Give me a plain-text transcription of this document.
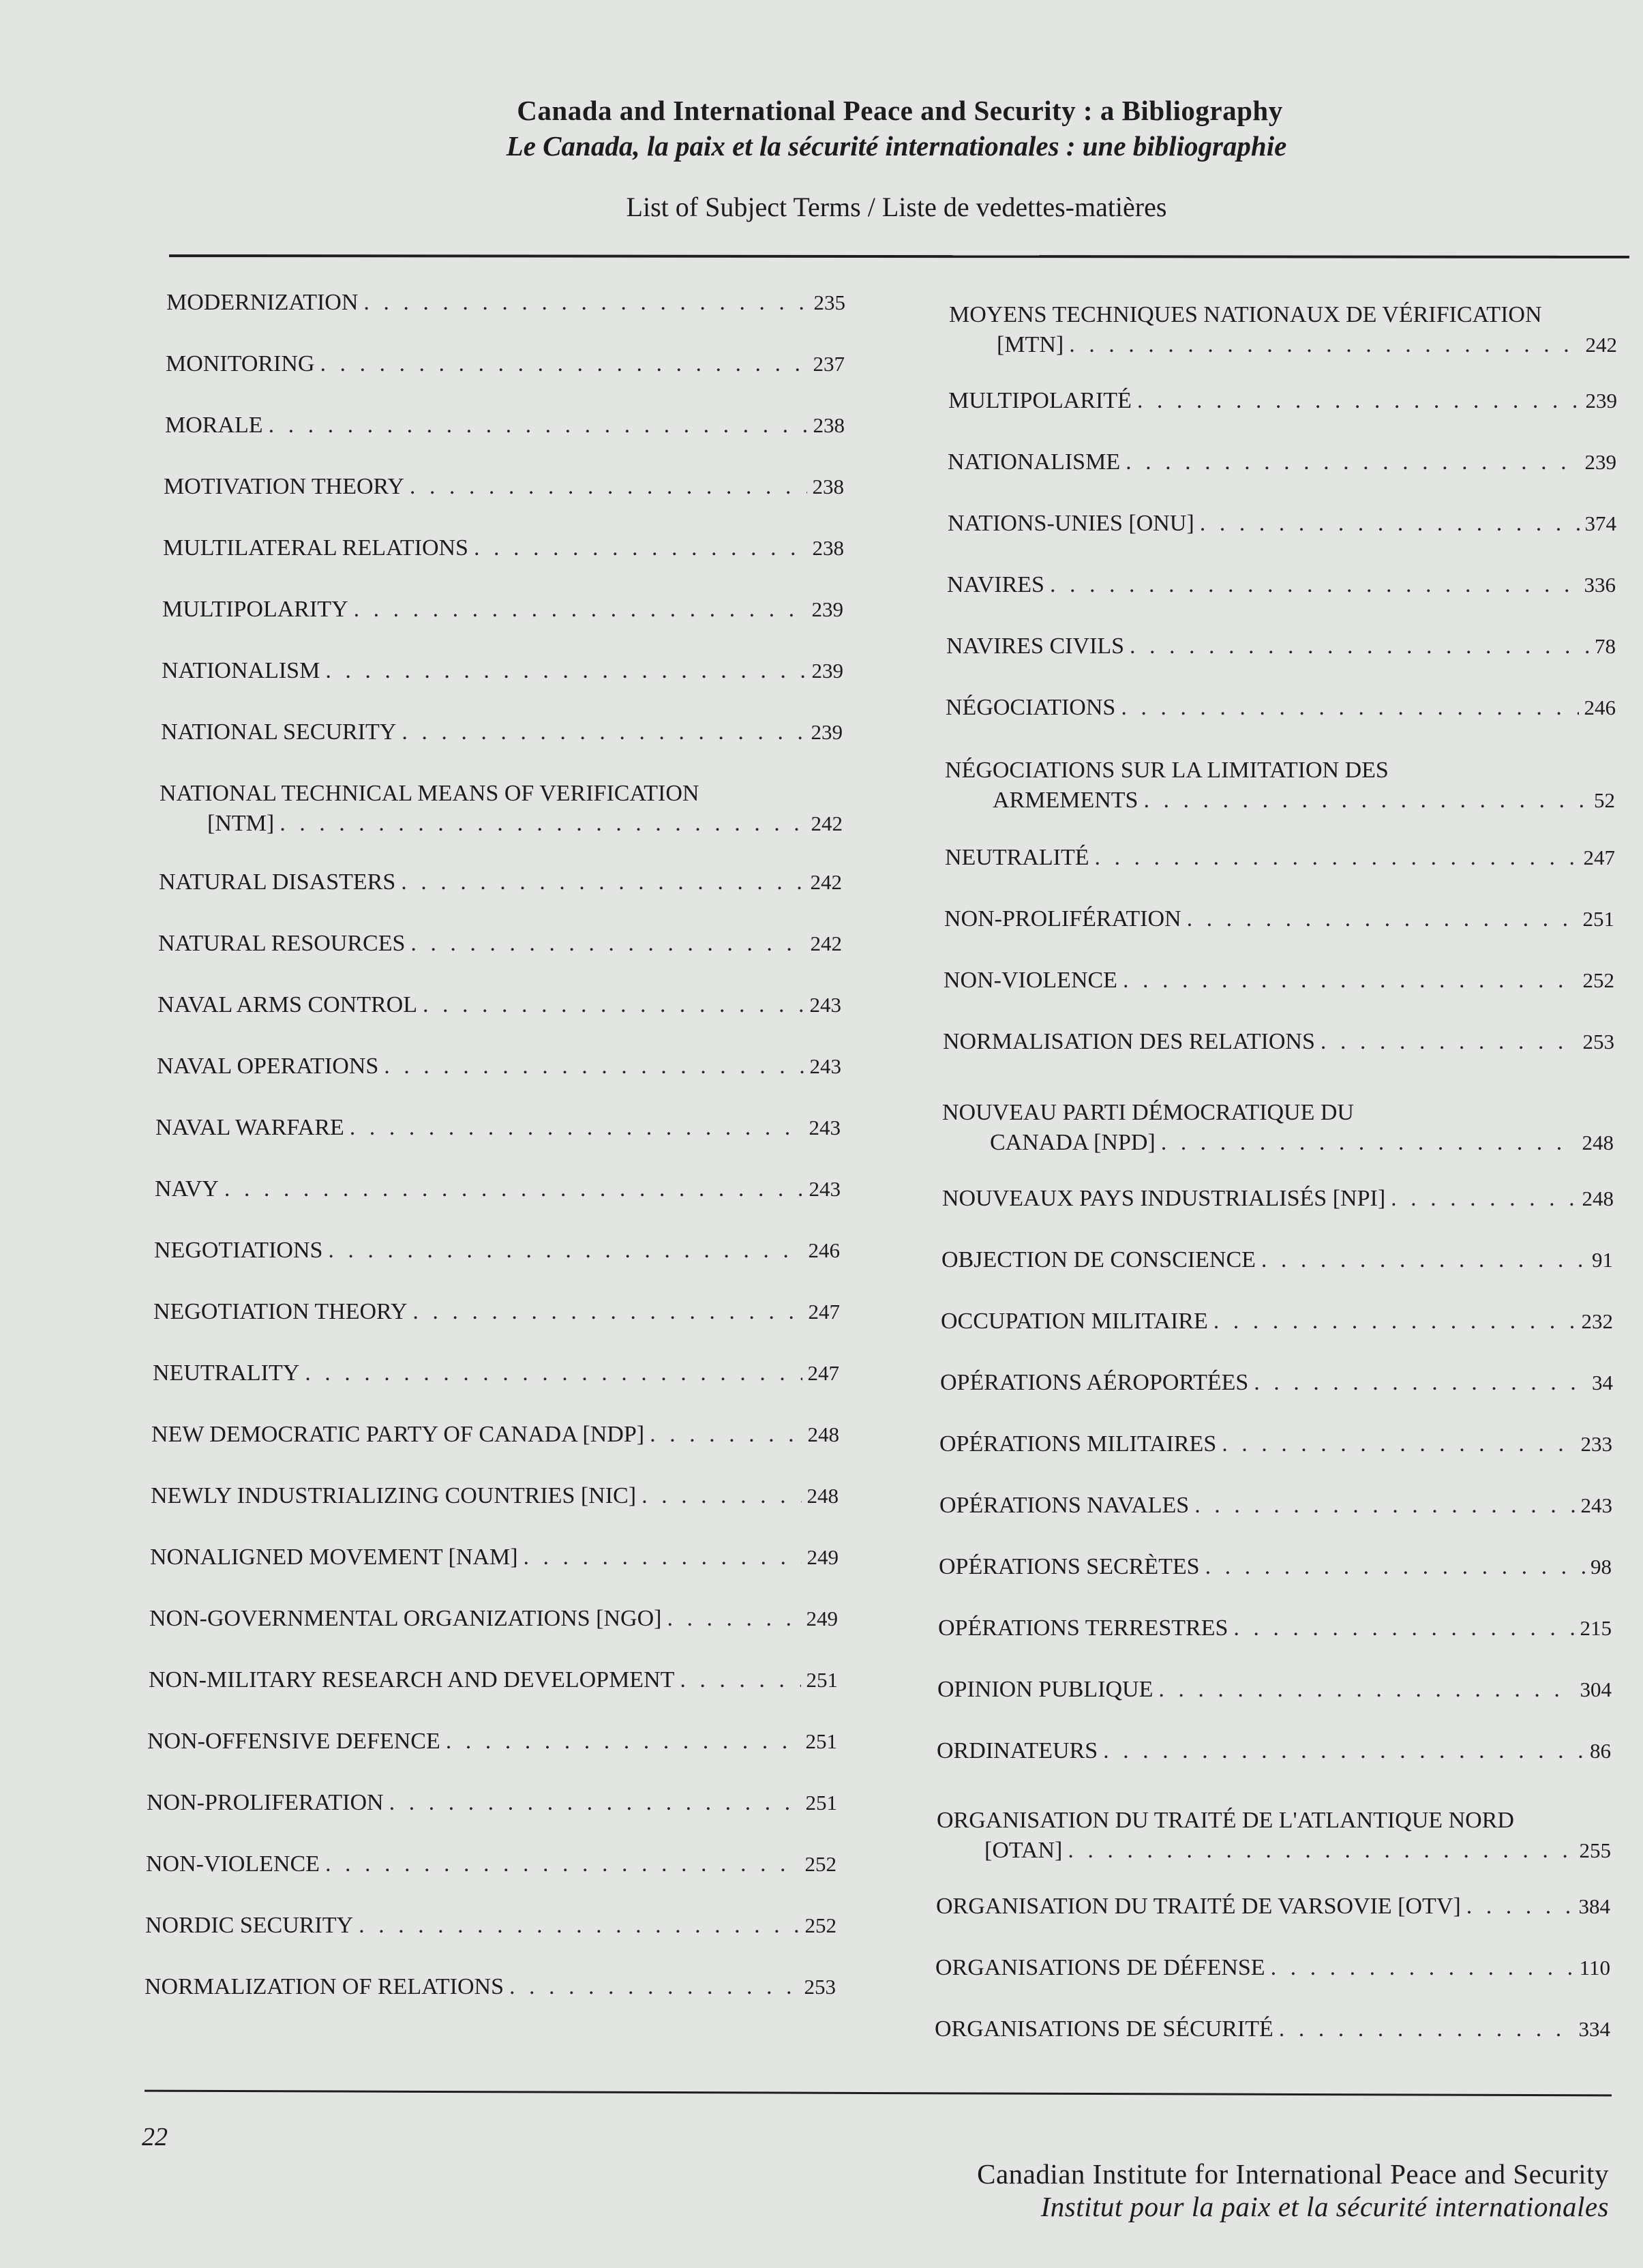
Canada and International Peace and Security : a Bibliography
Le Canada, la paix et la sécurité internationales : une bibliographie
List of Subject Terms / Liste de vedettes-matières
MODERNIZATION . . .	235
MONITORING . . .	237
MORALE . . .	238
MOTIVATION THEORY . . .	238
MULTILATERAL RELATIONS . . .	238
MULTIPOLARITY . . .	239
NATIONALISM . . .	239
NATIONAL SECURITY . . .	239
NATIONAL TECHNICAL MEANS OF VERIFICATION
[NTM] . . .	242
NATURAL DISASTERS . . .	242
NATURAL RESOURCES . . .	242
NAVAL ARMS CONTROL . . .	243
NAVAL OPERATIONS . . .	243
NAVAL WARFARE . . .	243
NAVY . . .	243
NEGOTIATIONS . . .	246
NEGOTIATION THEORY . . .	247
NEUTRALITY . . .	247
NEW DEMOCRATIC PARTY OF CANADA [NDP] . . .	248
NEWLY INDUSTRIALIZING COUNTRIES [NIC] . . .	248
NONALIGNED MOVEMENT [NAM] . . .	249
NON-GOVERNMENTAL ORGANIZATIONS [NGO] . . .	249
NON-MILITARY RESEARCH AND DEVELOPMENT . . .	251
NON-OFFENSIVE DEFENCE . . .	251
NON-PROLIFERATION . . .	251
NON-VIOLENCE . . .	252
NORDIC SECURITY . . .	252
NORMALIZATION OF RELATIONS . . .	253
MOYENS TECHNIQUES NATIONAUX DE VÉRIFICATION
[MTN] . . .	242
MULTIPOLARITÉ . . .	239
NATIONALISME . . .	239
NATIONS-UNIES [ONU] . . .	374
NAVIRES . . .	336
NAVIRES CIVILS . . .	78
NÉGOCIATIONS . . .	246
NÉGOCIATIONS SUR LA LIMITATION DES
ARMEMENTS . . .	52
NEUTRALITÉ . . .	247
NON-PROLIFÉRATION . . .	251
NON-VIOLENCE . . .	252
NORMALISATION DES RELATIONS . . .	253
NOUVEAU PARTI DÉMOCRATIQUE DU
CANADA [NPD] . . .	248
NOUVEAUX PAYS INDUSTRIALISÉS [NPI] . . .	248
OBJECTION DE CONSCIENCE . . .	91
OCCUPATION MILITAIRE . . .	232
OPÉRATIONS AÉROPORTÉES . . .	34
OPÉRATIONS MILITAIRES . . .	233
OPÉRATIONS NAVALES . . .	243
OPÉRATIONS SECRÈTES . . .	98
OPÉRATIONS TERRESTRES . . .	215
OPINION PUBLIQUE . . .	304
ORDINATEURS . . .	86
ORGANISATION DU TRAITÉ DE L'ATLANTIQUE NORD
[OTAN] . . .	255
ORGANISATION DU TRAITÉ DE VARSOVIE [OTV] . . .	384
ORGANISATIONS DE DÉFENSE . . .	110
ORGANISATIONS DE SÉCURITÉ . . .	334
22
Canadian Institute for International Peace and Security
Institut pour la paix et la sécurité internationales
